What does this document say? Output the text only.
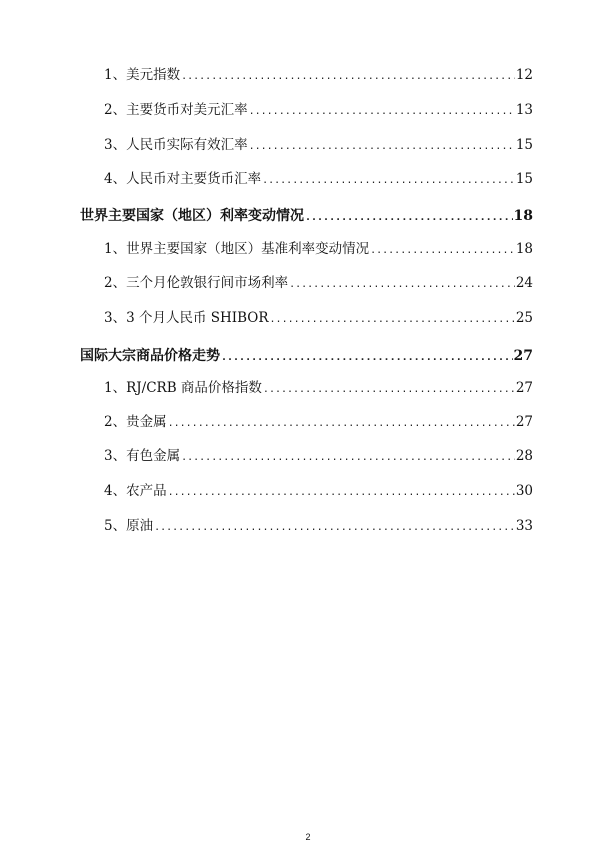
1、美元指数 .....	12
2、主要货币对美元汇率 .....	13
3、人民币实际有效汇率 .....	15
4、人民币对主要货币汇率 .....	15
世界主要国家（地区）利率变动情况 .....	18
1、世界主要国家（地区）基准利率变动情况 .....	18
2、三个月伦敦银行间市场利率 .....	24
3、3 个月人民币 SHIBOR .....	25
国际大宗商品价格走势 .....	27
1、RJ/CRB 商品价格指数 .....	27
2、贵金属 .....	27
3、有色金属 .....	28
4、农产品 .....	30
5、原油 .....	33
2
